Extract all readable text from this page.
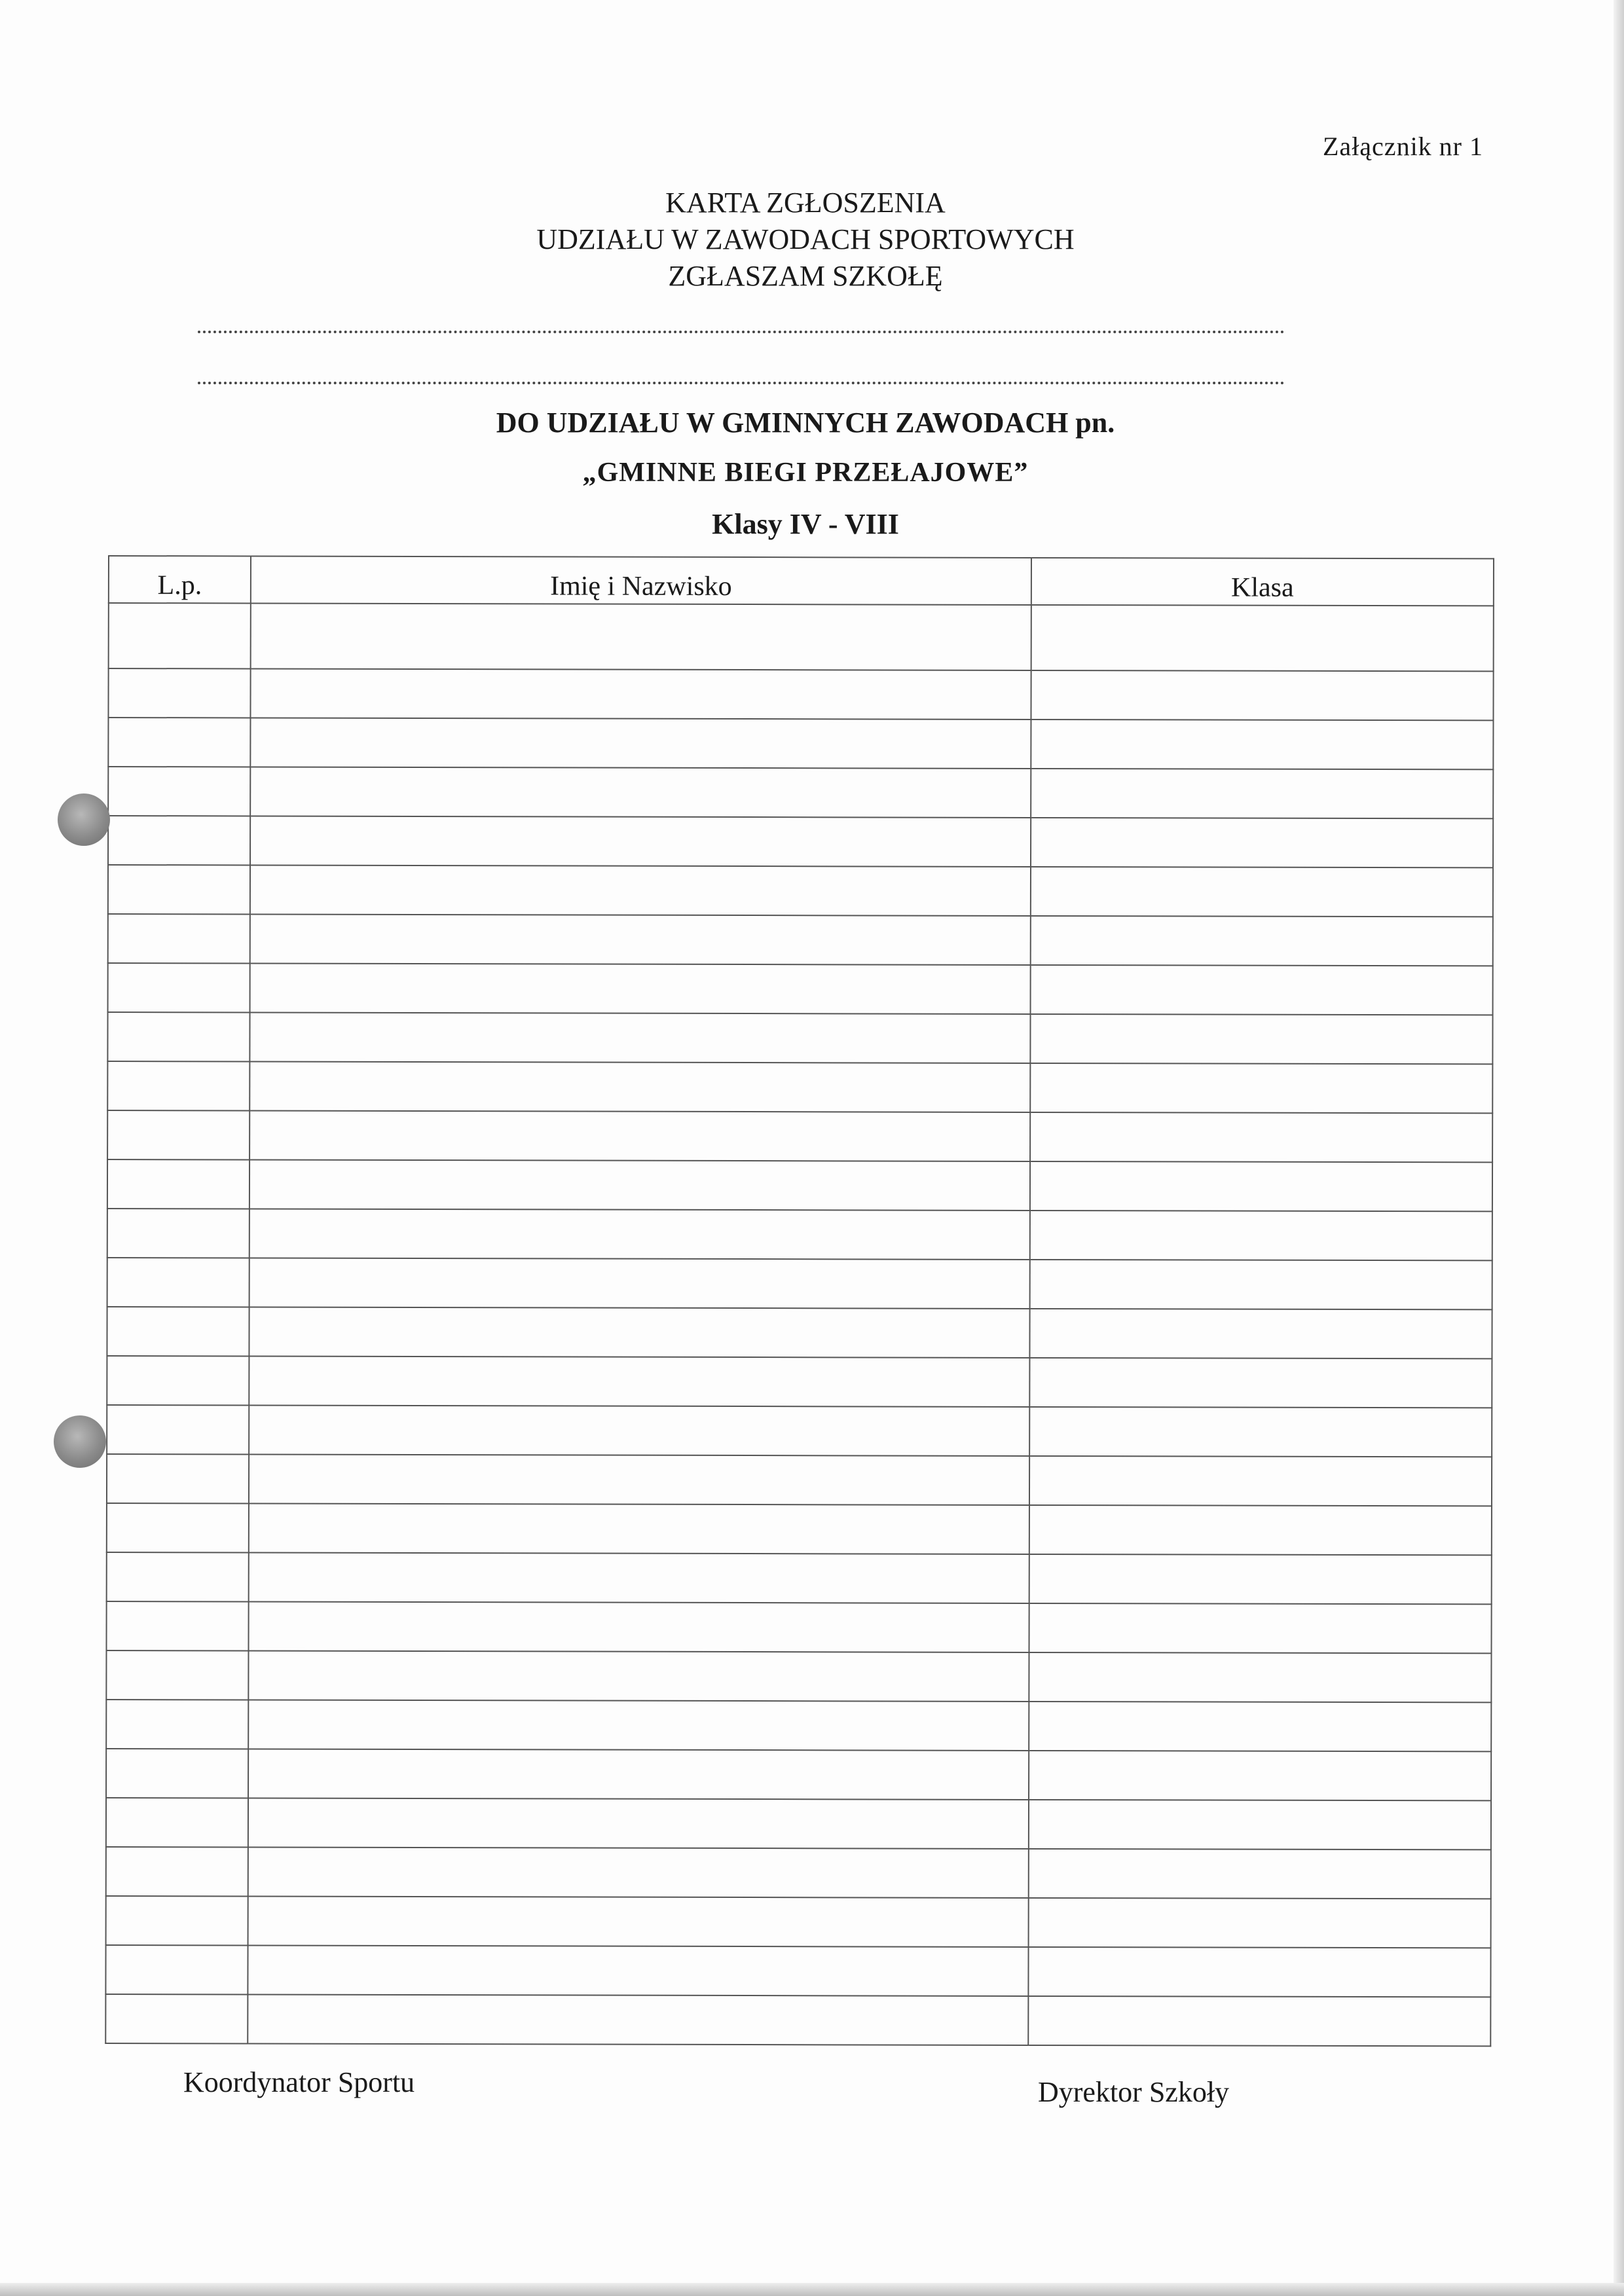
Załącznik nr 1
KARTA ZGŁOSZENIA
UDZIAŁU W ZAWODACH SPORTOWYCH
ZGŁASZAM SZKOŁĘ
DO UDZIAŁU W GMINNYCH ZAWODACH pn.
„GMINNE BIEGI PRZEŁAJOWE”
Klasy IV - VIII
L.p.	Imię i Nazwisko	Klasa

Koordynator Sportu	Dyrektor Szkoły
